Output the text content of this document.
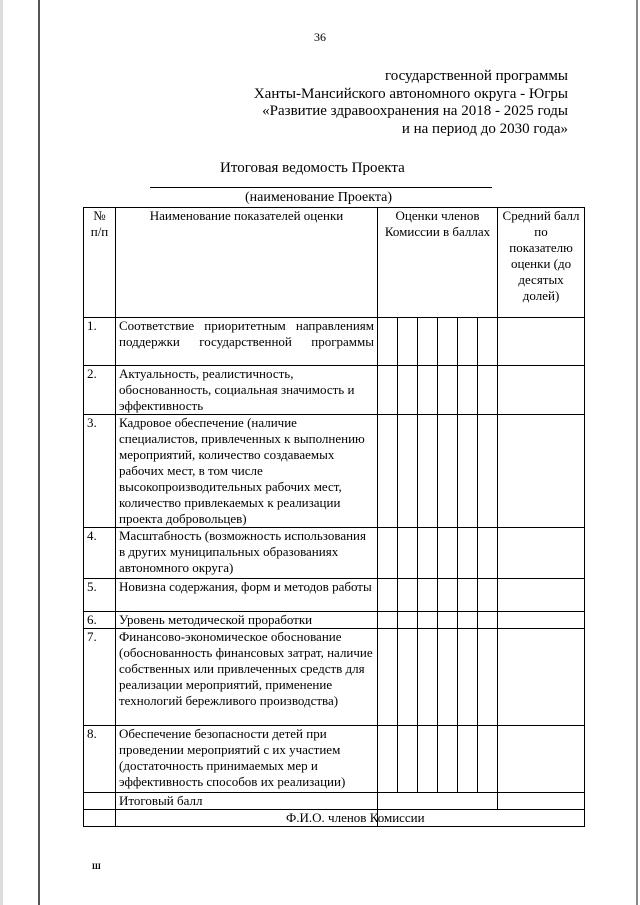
36
государственной программы
Ханты-Мансийского автономного округа - Югры
«Развитие здравоохранения на 2018 - 2025 годы
и на период до 2030 года»
Итоговая ведомость Проекта
(наименование Проекта)
№ п/п	Наименование показателей оценки	Оценки членов Комиссии в баллах	Средний балл по показателю оценки (до десятых долей)
1.	Соответствие приоритетным направлениям поддержки государственной программы							
2.	Актуальность, реалистичность, обоснованность, социальная значимость и эффективность							
3.	Кадровое обеспечение (наличие специалистов, привлеченных к выполнению мероприятий, количество создаваемых рабочих мест, в том числе высокопроизводительных рабочих мест, количество привлекаемых к реализации проекта добровольцев)							
4.	Масштабность (возможность использования в других муниципальных образованиях автономного округа)							
5.	Новизна содержания, форм и методов работы							
6.	Уровень методической проработки							
7.	Финансово-экономическое обоснование (обоснованность финансовых затрат, наличие собственных или привлеченных средств для реализации мероприятий, применение технологий бережливого производства)							
8.	Обеспечение безопасности детей при проведении мероприятий с их участием (достаточность принимаемых мер и эффективность способов их реализации)							
	Итоговый балл		
		Ф.И.О. членов Комиссии
Ш
